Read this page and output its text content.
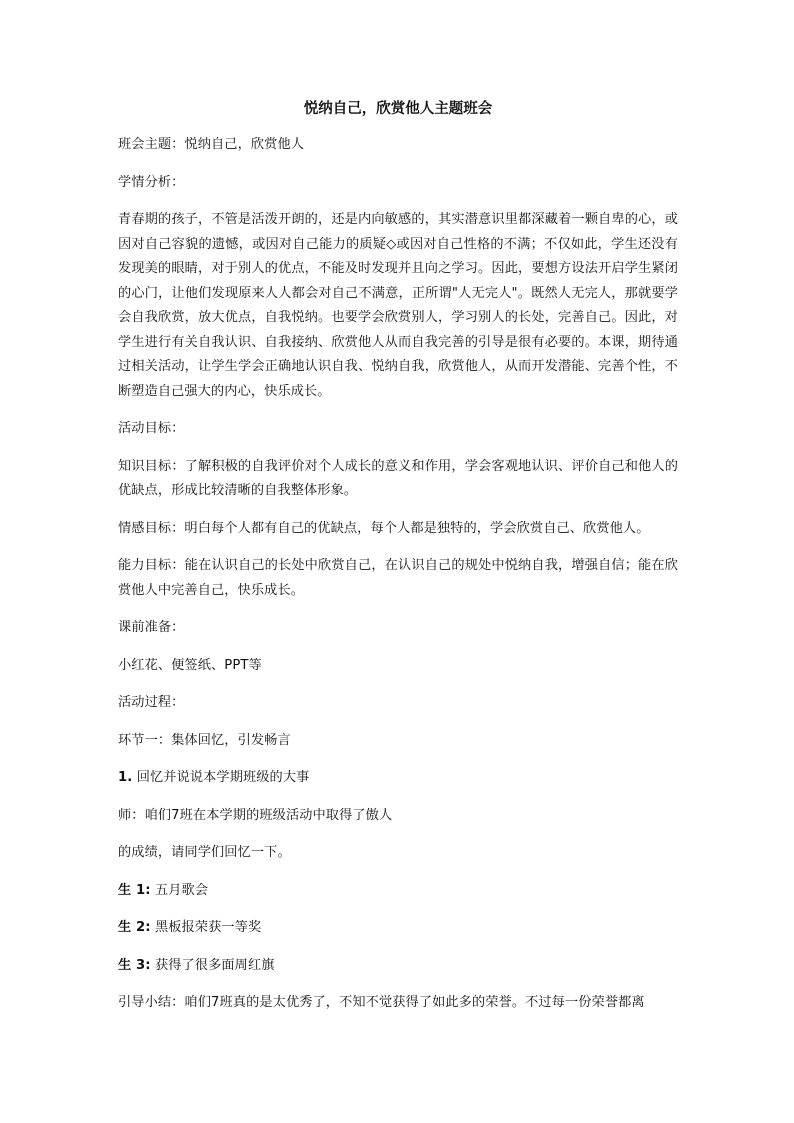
悦纳自己，欣赏他人主题班会

班会主题：悦纳自己，欣赏他人

学情分析：

青春期的孩子，不管是活泼开朗的，还是内向敏感的，其实潜意识里都深藏着一颗自卑的心，或因对自己容貌的遗憾，或因对自己能力的质疑◇或因对自己性格的不满；不仅如此，学生还没有发现美的眼睛，对于别人的优点，不能及时发现并且向之学习。因此，要想方设法开启学生紧闭的心门，让他们发现原来人人都会对自己不满意，正所谓"人无完人"。既然人无完人，那就要学会自我欣赏，放大优点，自我悦纳。也要学会欣赏别人，学习别人的长处，完善自己。因此，对学生进行有关自我认识、自我接纳、欣赏他人从而自我完善的引导是很有必要的。本课，期待通过相关活动，让学生学会正确地认识自我、悦纳自我，欣赏他人，从而开发潜能、完善个性，不断塑造自己强大的内心，快乐成长。

活动目标：

知识目标：了解积极的自我评价对个人成长的意义和作用，学会客观地认识、评价自己和他人的优缺点，形成比较清晰的自我整体形象。

情感目标：明白每个人都有自己的优缺点，每个人都是独特的，学会欣赏自己、欣赏他人。

能力目标：能在认识自己的长处中欣赏自己，在认识自己的规处中悦纳自我，增强自信；能在欣赏他人中完善自己，快乐成长。

课前准备：

小红花、便签纸、PPT等

活动过程：

环节一：集体回忆，引发畅言

1. 回忆并说说本学期班级的大事

师：咱们7班在本学期的班级活动中取得了傲人

的成绩，请同学们回忆一下。

生 1: 五月歌会

生 2: 黑板报荣获一等奖

生 3: 获得了很多面周红旗

引导小结：咱们7班真的是太优秀了，不知不觉获得了如此多的荣誉。不过每一份荣誉都离
